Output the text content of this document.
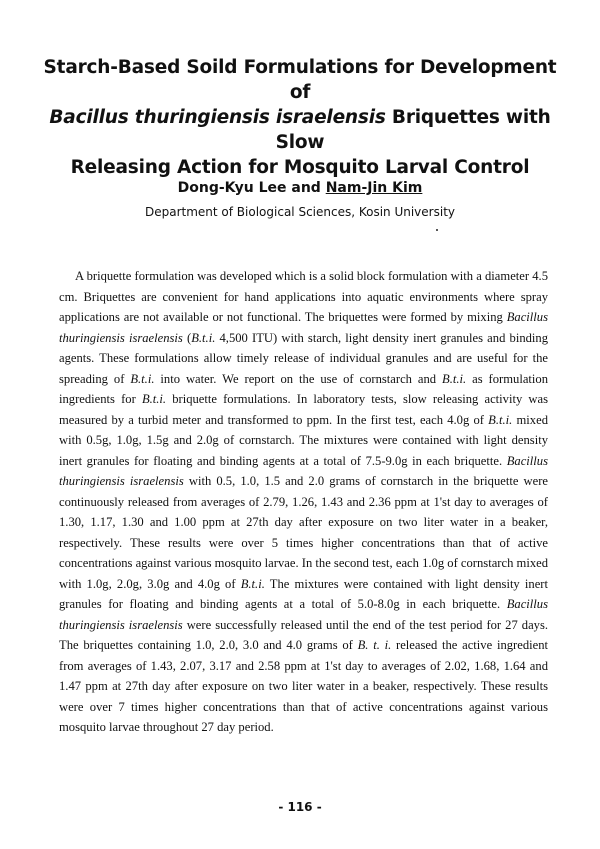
Starch-Based Soild Formulations for Development of
Bacillus thuringiensis israelensis Briquettes with Slow
Releasing Action for Mosquito Larval Control
Dong-Kyu Lee and Nam-Jin Kim
Department of Biological Sciences, Kosin University

A briquette formulation was developed which is a solid block formulation with a diameter 4.5 cm. Briquettes are convenient for hand applications into aquatic environments where spray applications are not available or not functional. The briquettes were formed by mixing Bacillus thuringiensis israelensis (B.t.i. 4,500 ITU) with starch, light density inert granules and binding agents. These formulations allow timely release of individual granules and are useful for the spreading of B.t.i. into water. We report on the use of cornstarch and B.t.i. as formulation ingredients for B.t.i. briquette formulations. In laboratory tests, slow releasing activity was measured by a turbid meter and transformed to ppm. In the first test, each 4.0g of B.t.i. mixed with 0.5g, 1.0g, 1.5g and 2.0g of cornstarch. The mixtures were contained with light density inert granules for floating and binding agents at a total of 7.5-9.0g in each briquette. Bacillus thuringiensis israelensis with 0.5, 1.0, 1.5 and 2.0 grams of cornstarch in the briquette were continuously released from averages of 2.79, 1.26, 1.43 and 2.36 ppm at 1'st day to averages of 1.30, 1.17, 1.30 and 1.00 ppm at 27th day after exposure on two liter water in a beaker, respectively. These results were over 5 times higher concentrations than that of active concentrations against various mosquito larvae. In the second test, each 1.0g of cornstarch mixed with 1.0g, 2.0g, 3.0g and 4.0g of B.t.i. The mixtures were contained with light density inert granules for floating and binding agents at a total of 5.0-8.0g in each briquette. Bacillus thuringiensis israelensis were successfully released until the end of the test period for 27 days. The briquettes containing 1.0, 2.0, 3.0 and 4.0 grams of B. t. i. released the active ingredient from averages of 1.43, 2.07, 3.17 and 2.58 ppm at 1'st day to averages of 2.02, 1.68, 1.64 and 1.47 ppm at 27th day after exposure on two liter water in a beaker, respectively. These results were over 7 times higher concentrations than that of active concentrations against various mosquito larvae throughout 27 day period.

- 116 -
